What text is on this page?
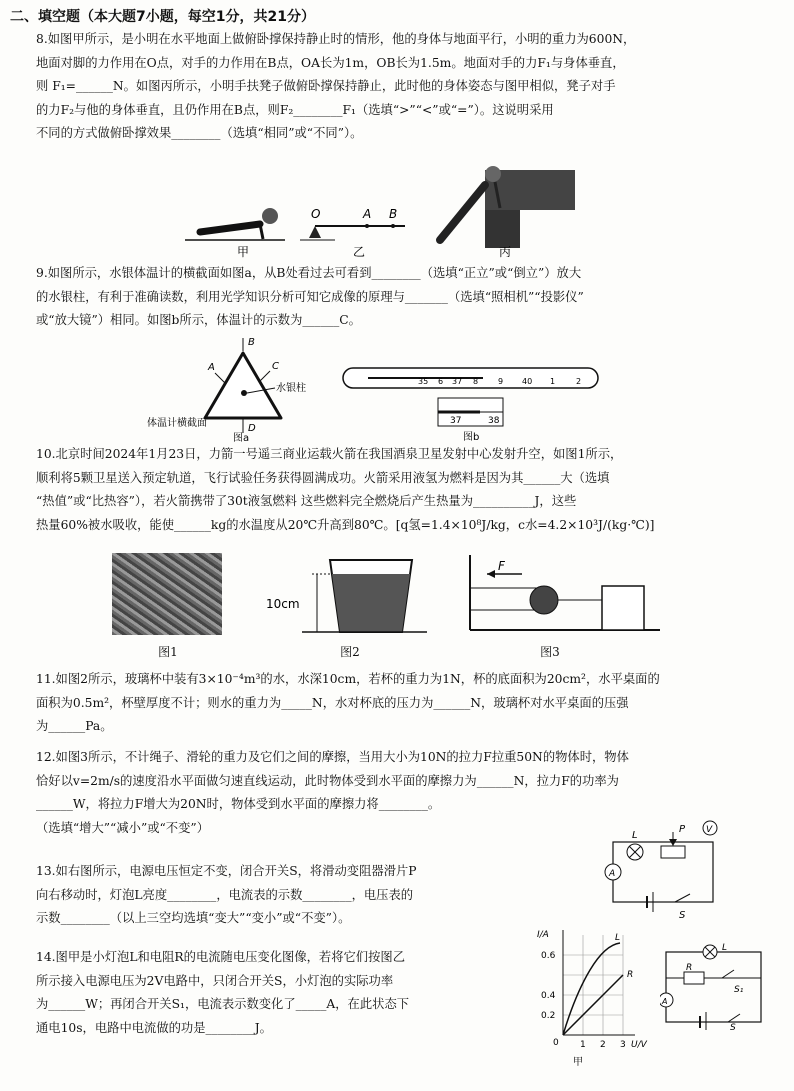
二、填空题（本大题7小题，每空1分，共21分）

8.如图甲所示，是小明在水平地面上做俯卧撑保持静止时的情形，他的身体与地面平行，小明的重力为600N，

地面对脚的力作用在O点，对手的力作用在B点，OA长为1m，OB长为1.5m。地面对手的力F₁与身体垂直，

则 F₁=______N。如图丙所示，小明手扶凳子做俯卧撑保持静止，此时他的身体姿态与图甲相似，凳子对手

的力F₂与他的身体垂直，且仍作用在B点，则F₂________F₁（选填“>”“<”或“=”）。这说明采用

不同的方式做俯卧撑效果________（选填“相同”或“不同”）。

甲
O	A B
乙	丙

9.如图所示，水银体温计的横截面如图a，从B处看过去可看到________（选填“正立”或“倒立”）放大

的水银柱，有利于准确读数，利用光学知识分析可知它成像的原理与_______（选填“照相机”“投影仪”

或“放大镜”）相同。如图b所示，体温计的示数为______C。

B
A	C
D
水银柱
体温计横截面
图a
35 6 37 8 9 40 1	2
37	38
图b

10.北京时间2024年1月23日，力箭一号遥三商业运载火箭在我国酒泉卫星发射中心发射升空，如图1所示，

顺利将5颗卫星送入预定轨道，飞行试验任务获得圆满成功。火箭采用液氢为燃料是因为其______大（选填

“热值”或“比热容”），若火箭携带了30t液氢燃料 这些燃料完全燃烧后产生热量为__________J，这些

热量60%被水吸收，能使______kg的水温度从20℃升高到80℃。[q氢=1.4×10⁸J/kg，c水=4.2×10³J/(kg·℃)]

图1
10cm
图2
F
图3

11.如图2所示，玻璃杯中装有3×10⁻⁴m³的水，水深10cm，若杯的重力为1N，杯的底面积为20cm²，水平桌面的

面积为0.5m²，杯壁厚度不计；则水的重力为_____N，水对杯底的压力为______N，玻璃杯对水平桌面的压强

为______Pa。

12.如图3所示，不计绳子、滑轮的重力及它们之间的摩擦，当用大小为10N的拉力F拉重50N的物体时，物体

恰好以v=2m/s的速度沿水平面做匀速直线运动，此时物体受到水平面的摩擦力为______N，拉力F的功率为

______W，将拉力F增大为20N时，物体受到水平面的摩擦力将________。

（选填“增大”“减小”或“不变”）

13.如右图所示，电源电压恒定不变，闭合开关S，将滑动变阻器滑片P

向右移动时，灯泡L亮度________，电流表的示数________，电压表的

示数________（以上三空均选填“变大”“变小”或“不变”）。

L
P V
A
S

14.图甲是小灯泡L和电阻R的电流随电压变化图像，若将它们按图乙

所示接入电源电压为2V电路中，只闭合开关S，小灯泡的实际功率

为______W；再闭合开关S₁，电流表示数变化了_____A，在此状态下

通电10s，电路中电流做的功是________J。

I/A
U/V
0.6
0.4
0.2
0 1 2 3
L
R
甲
L
R
S₁
A
S
